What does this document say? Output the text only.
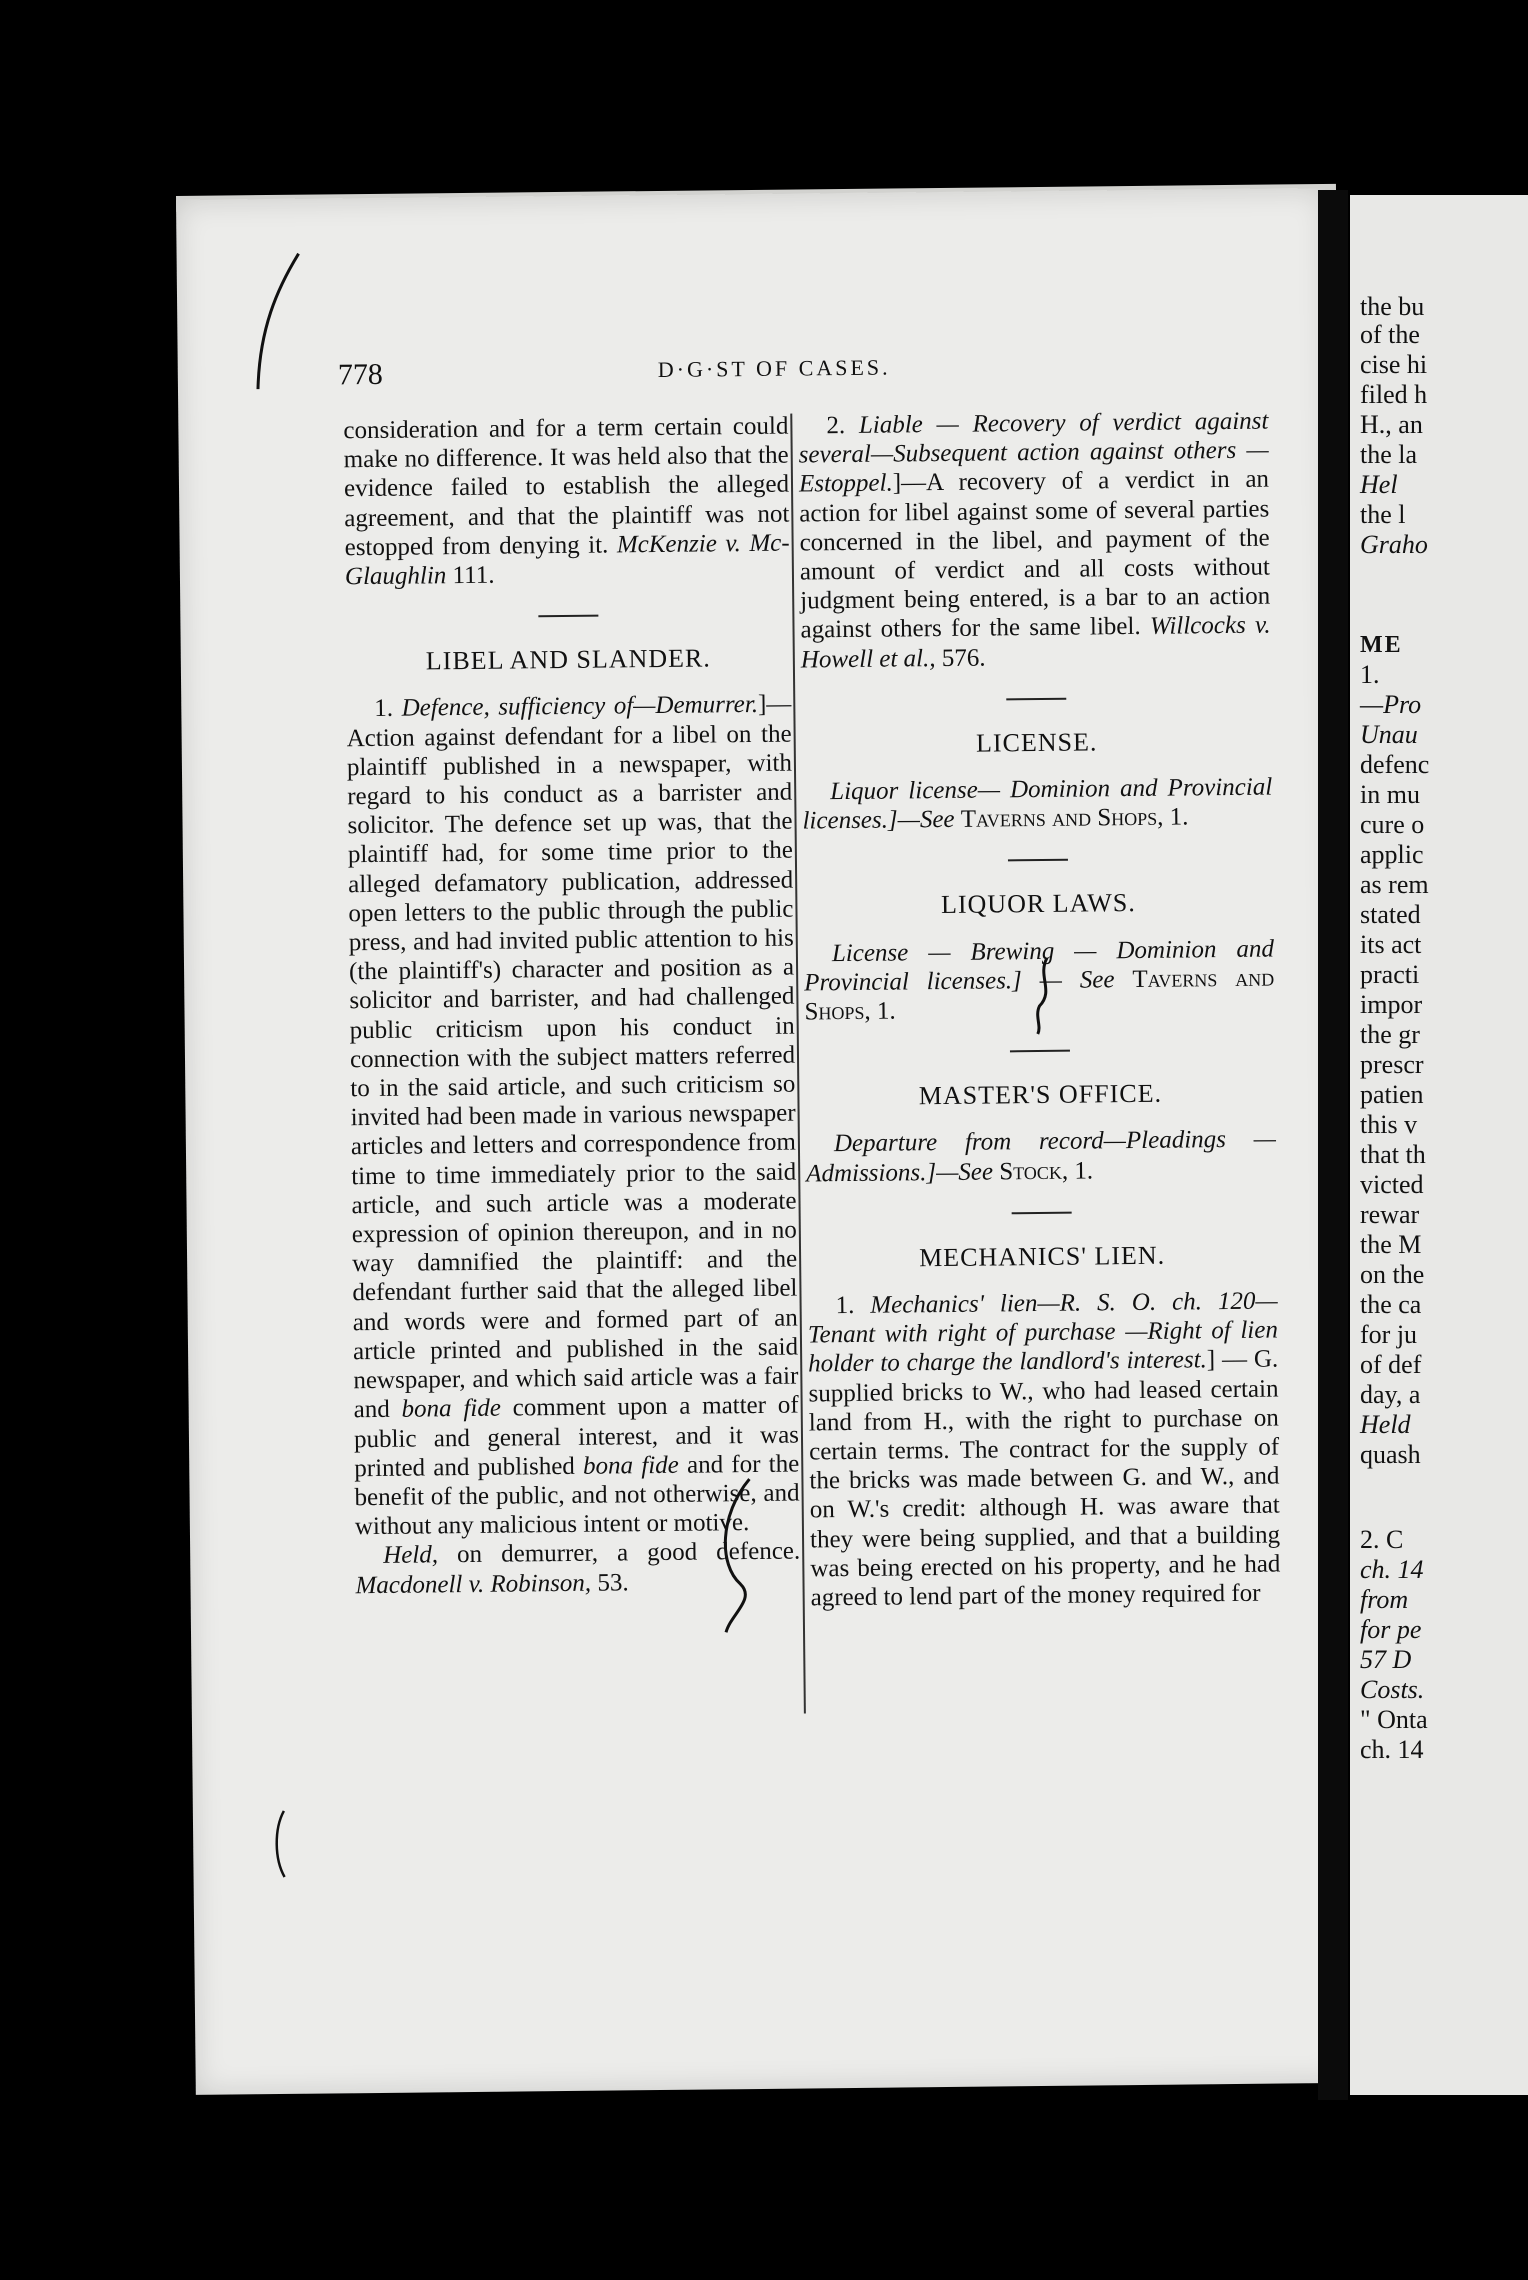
778	D·G·ST OF CASES.

consideration and for a term certain could make no difference. It was held also that the evidence failed to establish the alleged agreement, and that the plaintiff was not estopped from denying it. McKenzie v. Mc-Glaughlin 111.

LIBEL AND SLANDER.

1. Defence, sufficiency of—Demurrer.]—Action against defendant for a libel on the plaintiff published in a newspaper, with regard to his conduct as a barrister and solicitor. The defence set up was, that the plaintiff had, for some time prior to the alleged defamatory publication, addressed open letters to the public through the public press, and had invited public attention to his (the plaintiff's) character and position as a solicitor and barrister, and had challenged public criticism upon his conduct in connection with the subject matters referred to in the said article, and such criticism so invited had been made in various newspaper articles and letters and correspondence from time to time immediately prior to the said article, and such article was a moderate expression of opinion thereupon, and in no way damnified the plaintiff: and the defendant further said that the alleged libel and words were and formed part of an article printed and published in the said newspaper, and which said article was a fair and bona fide comment upon a matter of public and general interest, and it was printed and published bona fide and for the benefit of the public, and not otherwise, and without any malicious intent or motive.

Held, on demurrer, a good defence. Macdonell v. Robinson, 53.

2. Liable — Recovery of verdict against several—Subsequent action against others — Estoppel.]—A recovery of a verdict in an action for libel against some of several parties concerned in the libel, and payment of the amount of verdict and all costs without judgment being entered, is a bar to an action against others for the same libel. Willcocks v. Howell et al., 576.

LICENSE.

Liquor license— Dominion and Provincial licenses.]—See Taverns and Shops, 1.

LIQUOR LAWS.

License — Brewing — Dominion and Provincial licenses.] — See Taverns and Shops, 1.

MASTER'S OFFICE.

Departure from record—Pleadings —Admissions.]—See Stock, 1.

MECHANICS' LIEN.

1. Mechanics' lien—R. S. O. ch. 120—Tenant with right of purchase —Right of lien holder to charge the landlord's interest.] — G. supplied bricks to W., who had leased certain land from H., with the right to purchase on certain terms. The contract for the supply of the bricks was made between G. and W., and on W.'s credit: although H. was aware that they were being supplied, and that a building was being erected on his property, and he had agreed to lend part of the money required for

the bu
of the
cise hi
filed h
H., an
the la
Hel
the l
Graho
ME
1.
—Pro
Unau
defenc
in mu
cure o
applic
as rem
stated
its act
practi
impor
the gr
prescr
patien
this v
that th
victed
rewar
the M
on the
the ca
for ju
of def
day, a
Held
quash
2. C
ch. 14
from
for pe
57 D
Costs.
" Onta
ch. 14
